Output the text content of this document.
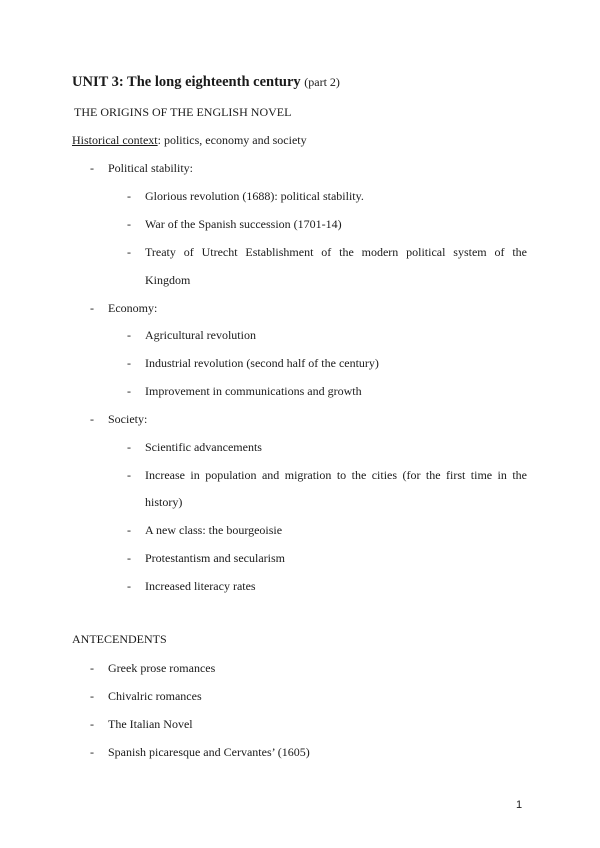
UNIT 3: The long eighteenth century (part 2)
THE ORIGINS OF THE ENGLISH NOVEL
Historical context: politics, economy and society
- Political stability:
- Glorious revolution (1688): political stability.
- War of the Spanish succession (1701-14)
- Treaty of Utrecht Establishment of the modern political system of the
Kingdom
- Economy:
- Agricultural revolution
- Industrial revolution (second half of the century)
- Improvement in communications and growth
- Society:
- Scientific advancements
- Increase in population and migration to the cities (for the first time in the
history)
- A new class: the bourgeoisie
- Protestantism and secularism
- Increased literacy rates
ANTECENDENTS
- Greek prose romances
- Chivalric romances
- The Italian Novel
- Spanish picaresque and Cervantes’ (1605)
1
